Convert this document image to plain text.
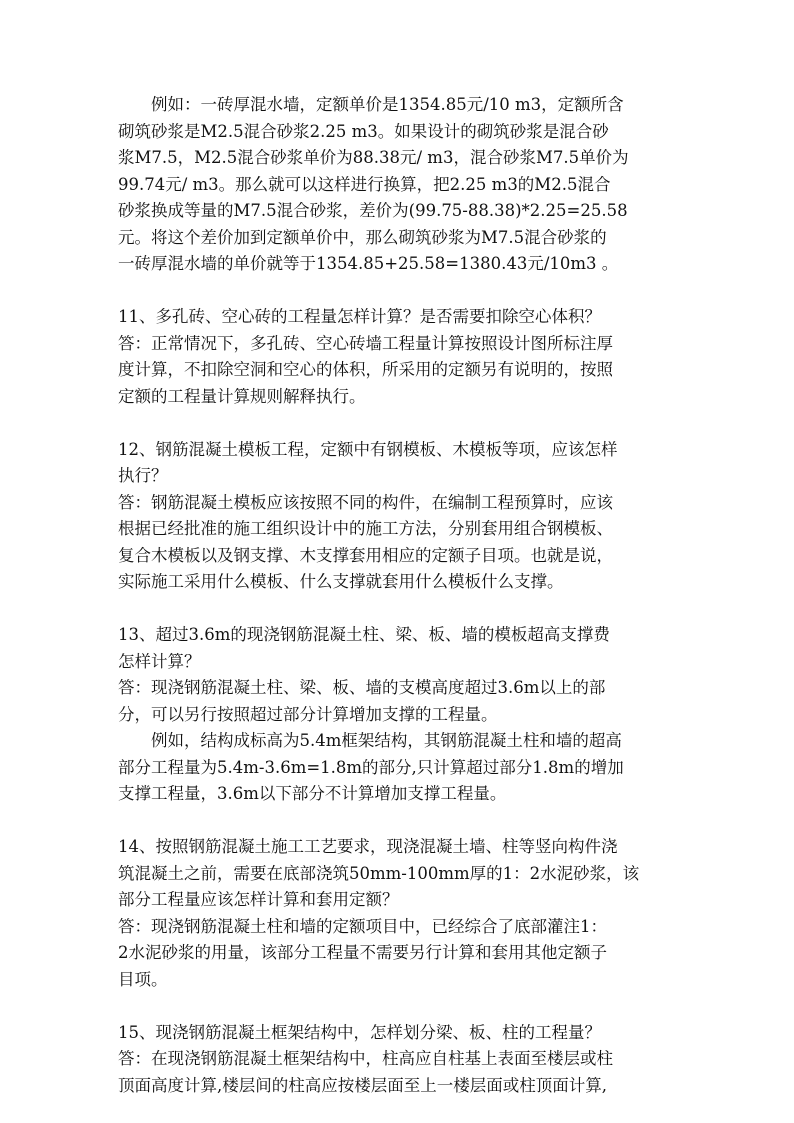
　　例如：一砖厚混水墙，定额单价是1354.85元/10 m3，定额所含
砌筑砂浆是M2.5混合砂浆2.25 m3。如果设计的砌筑砂浆是混合砂
浆M7.5，M2.5混合砂浆单价为88.38元/ m3，混合砂浆M7.5单价为
99.74元/ m3。那么就可以这样进行换算，把2.25 m3的M2.5混合
砂浆换成等量的M7.5混合砂浆，差价为(99.75-88.38)*2.25=25.58
元。将这个差价加到定额单价中，那么砌筑砂浆为M7.5混合砂浆的
一砖厚混水墙的单价就等于1354.85+25.58=1380.43元/10m3 。
11、多孔砖、空心砖的工程量怎样计算？是否需要扣除空心体积？
答：正常情况下，多孔砖、空心砖墙工程量计算按照设计图所标注厚
度计算，不扣除空洞和空心的体积，所采用的定额另有说明的，按照
定额的工程量计算规则解释执行。
12、钢筋混凝土模板工程，定额中有钢模板、木模板等项，应该怎样
执行？
答：钢筋混凝土模板应该按照不同的构件，在编制工程预算时，应该
根据已经批准的施工组织设计中的施工方法，分别套用组合钢模板、
复合木模板以及钢支撑、木支撑套用相应的定额子目项。也就是说，
实际施工采用什么模板、什么支撑就套用什么模板什么支撑。
13、超过3.6m的现浇钢筋混凝土柱、梁、板、墙的模板超高支撑费
怎样计算？
答：现浇钢筋混凝土柱、梁、板、墙的支模高度超过3.6m以上的部
分，可以另行按照超过部分计算增加支撑的工程量。
　　例如，结构成标高为5.4m框架结构，其钢筋混凝土柱和墙的超高
部分工程量为5.4m-3.6m=1.8m的部分,只计算超过部分1.8m的增加
支撑工程量，3.6m以下部分不计算增加支撑工程量。
14、按照钢筋混凝土施工工艺要求，现浇混凝土墙、柱等竖向构件浇
筑混凝土之前，需要在底部浇筑50mm-100mm厚的1：2水泥砂浆，该
部分工程量应该怎样计算和套用定额？
答：现浇钢筋混凝土柱和墙的定额项目中，已经综合了底部灌注1：
2水泥砂浆的用量，该部分工程量不需要另行计算和套用其他定额子
目项。
15、现浇钢筋混凝土框架结构中，怎样划分梁、板、柱的工程量？
答：在现浇钢筋混凝土框架结构中，柱高应自柱基上表面至楼层或柱
顶面高度计算,楼层间的柱高应按楼层面至上一楼层面或柱顶面计算,
